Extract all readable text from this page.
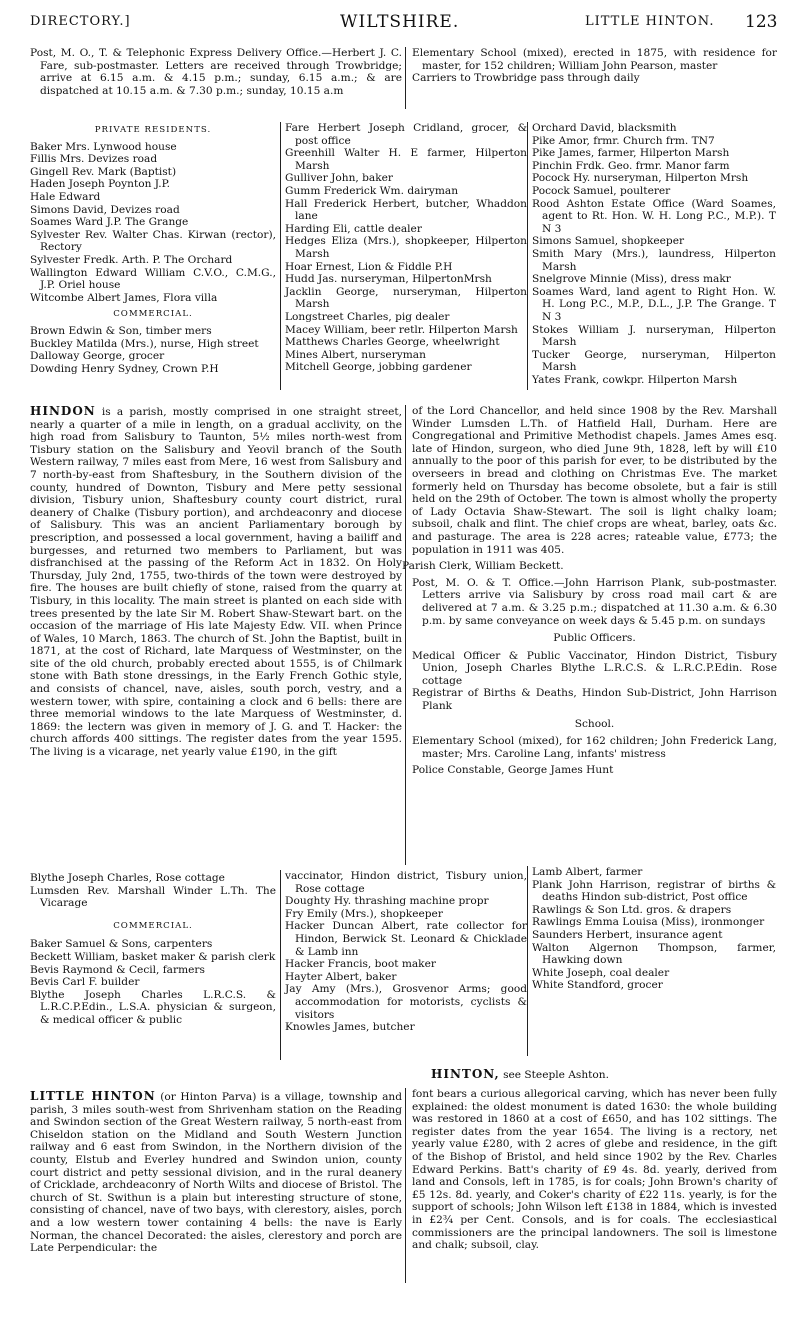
DIRECTORY.]	WILTSHIRE.	LITTLE HINTON. 123

Post, M. O., T. & Telephonic Express Delivery Office.—Herbert J. C. Fare, sub-postmaster. Letters are received through Trowbridge; arrive at 6.15 a.m. & 4.15 p.m.; sunday, 6.15 a.m.; & are dispatched at 10.15 a.m. & 7.30 p.m.; sunday, 10.15 a.m

Elementary School (mixed), erected in 1875, with residence for master, for 152 children; William John Pearson, master

Carriers to Trowbridge pass through daily

PRIVATE RESIDENTS.

Baker Mrs. Lynwood house

Fillis Mrs. Devizes road

Gingell Rev. Mark (Baptist)

Haden Joseph Poynton J.P.

Hale Edward

Simons David, Devizes road

Soames Ward J.P. The Grange

Sylvester Rev. Walter Chas. Kirwan (rector), Rectory

Sylvester Fredk. Arth. P. The Orchard

Wallington Edward William C.V.O., C.M.G., J.P. Oriel house

Witcombe Albert James, Flora villa

COMMERCIAL.

Brown Edwin & Son, timber mers

Buckley Matilda (Mrs.), nurse, High street

Dalloway George, grocer

Dowding Henry Sydney, Crown P.H

Fare Herbert Joseph Cridland, grocer, & post office

Greenhill Walter H. E farmer, Hilperton Marsh

Gulliver John, baker

Gumm Frederick Wm. dairyman

Hall Frederick Herbert, butcher, Whaddon lane

Harding Eli, cattle dealer

Hedges Eliza (Mrs.), shopkeeper, Hilperton Marsh

Hoar Ernest, Lion & Fiddle P.H

Hudd Jas. nurseryman, HilpertonMrsh

Jacklin George, nurseryman, Hilperton Marsh

Longstreet Charles, pig dealer

Macey William, beer retlr. Hilperton Marsh

Matthews Charles George, wheelwright

Mines Albert, nurseryman

Mitchell George, jobbing gardener

Orchard David, blacksmith

Pike Amor, frmr. Church frm. TN7

Pike James, farmer, Hilperton Marsh

Pinchin Frdk. Geo. frmr. Manor farm

Pocock Hy. nurseryman, Hilperton Mrsh

Pocock Samuel, poulterer

Rood Ashton Estate Office (Ward Soames, agent to Rt. Hon. W. H. Long P.C., M.P.). T N 3

Simons Samuel, shopkeeper

Smith Mary (Mrs.), laundress, Hilperton Marsh

Snelgrove Minnie (Miss), dress makr

Soames Ward, land agent to Right Hon. W. H. Long P.C., M.P., D.L., J.P. The Grange. T N 3

Stokes William J. nurseryman, Hilperton Marsh

Tucker George, nurseryman, Hilperton Marsh

Yates Frank, cowkpr. Hilperton Marsh

HINDON is a parish, mostly comprised in one straight street, nearly a quarter of a mile in length, on a gradual acclivity, on the high road from Salisbury to Taunton, 5½ miles north-west from Tisbury station on the Salisbury and Yeovil branch of the South Western railway, 7 miles east from Mere, 16 west from Salisbury and 7 north-by-east from Shaftesbury, in the Southern division of the county, hundred of Downton, Tisbury and Mere petty sessional division, Tisbury union, Shaftesbury county court district, rural deanery of Chalke (Tisbury portion), and archdeaconry and diocese of Salisbury. This was an ancient Parliamentary borough by prescription, and possessed a local government, having a bailiff and burgesses, and returned two members to Parliament, but was disfranchised at the passing of the Reform Act in 1832. On Holy Thursday, July 2nd, 1755, two-thirds of the town were destroyed by fire. The houses are built chiefly of stone, raised from the quarry at Tisbury, in this locality. The main street is planted on each side with trees presented by the late Sir M. Robert Shaw-Stewart bart. on the occasion of the marriage of His late Majesty Edw. VII. when Prince of Wales, 10 March, 1863. The church of St. John the Baptist, built in 1871, at the cost of Richard, late Marquess of Westminster, on the site of the old church, probably erected about 1555, is of Chilmark stone with Bath stone dressings, in the Early French Gothic style, and consists of chancel, nave, aisles, south porch, vestry, and a western tower, with spire, containing a clock and 6 bells: there are three memorial windows to the late Marquess of Westminster, d. 1869: the lectern was given in memory of J. G. and T. Hacker: the church affords 400 sittings. The register dates from the year 1595. The living is a vicarage, net yearly value £190, in the gift

of the Lord Chancellor, and held since 1908 by the Rev. Marshall Winder Lumsden L.Th. of Hatfield Hall, Durham. Here are Congregational and Primitive Methodist chapels. James Ames esq. late of Hindon, surgeon, who died June 9th, 1828, left by will £10 annually to the poor of this parish for ever, to be distributed by the overseers in bread and clothing on Christmas Eve. The market formerly held on Thursday has become obsolete, but a fair is still held on the 29th of October. The town is almost wholly the property of Lady Octavia Shaw-Stewart. The soil is light chalky loam; subsoil, chalk and flint. The chief crops are wheat, barley, oats &c. and pasturage. The area is 228 acres; rateable value, £773; the population in 1911 was 405.

Parish Clerk, William Beckett.

Post, M. O. & T. Office.—John Harrison Plank, sub-postmaster. Letters arrive via Salisbury by cross road mail cart & are delivered at 7 a.m. & 3.25 p.m.; dispatched at 11.30 a.m. & 6.30 p.m. by same conveyance on week days & 5.45 p.m. on sundays

Public Officers.

Medical Officer & Public Vaccinator, Hindon District, Tisbury Union, Joseph Charles Blythe L.R.C.S. & L.R.C.P.Edin. Rose cottage

Registrar of Births & Deaths, Hindon Sub-District, John Harrison Plank

School.

Elementary School (mixed), for 162 children; John Frederick Lang, master; Mrs. Caroline Lang, infants' mistress

Police Constable, George James Hunt

Blythe Joseph Charles, Rose cottage

Lumsden Rev. Marshall Winder L.Th. The Vicarage

COMMERCIAL.

Baker Samuel & Sons, carpenters

Beckett William, basket maker & parish clerk

Bevis Raymond & Cecil, farmers

Bevis Carl F. builder

Blythe Joseph Charles L.R.C.S. & L.R.C.P.Edin., L.S.A. physician & surgeon, & medical officer & public

vaccinator, Hindon district, Tisbury union, Rose cottage

Doughty Hy. thrashing machine propr

Fry Emily (Mrs.), shopkeeper

Hacker Duncan Albert, rate collector for Hindon, Berwick St. Leonard & Chicklade & Lamb inn

Hacker Francis, boot maker

Hayter Albert, baker

Jay Amy (Mrs.), Grosvenor Arms; good accommodation for motorists, cyclists & visitors

Knowles James, butcher

Lamb Albert, farmer

Plank John Harrison, registrar of births & deaths Hindon sub-district, Post office

Rawlings & Son Ltd. gros. & drapers

Rawlings Emma Louisa (Miss), ironmonger

Saunders Herbert, insurance agent

Walton Algernon Thompson, farmer, Hawking down

White Joseph, coal dealer

White Standford, grocer

HINTON, see Steeple Ashton.

LITTLE HINTON (or Hinton Parva) is a village, township and parish, 3 miles south-west from Shrivenham station on the Reading and Swindon section of the Great Western railway, 5 north-east from Chiseldon station on the Midland and South Western Junction railway and 6 east from Swindon, in the Northern division of the county, Elstub and Everley hundred and Swindon union, county court district and petty sessional division, and in the rural deanery of Cricklade, archdeaconry of North Wilts and diocese of Bristol. The church of St. Swithun is a plain but interesting structure of stone, consisting of chancel, nave of two bays, with clerestory, aisles, porch and a low western tower containing 4 bells: the nave is Early Norman, the chancel Decorated: the aisles, clerestory and porch are Late Perpendicular: the

font bears a curious allegorical carving, which has never been fully explained: the oldest monument is dated 1630: the whole building was restored in 1860 at a cost of £650, and has 102 sittings. The register dates from the year 1654. The living is a rectory, net yearly value £280, with 2 acres of glebe and residence, in the gift of the Bishop of Bristol, and held since 1902 by the Rev. Charles Edward Perkins. Batt's charity of £9 4s. 8d. yearly, derived from land and Consols, left in 1785, is for coals; John Brown's charity of £5 12s. 8d. yearly, and Coker's charity of £22 11s. yearly, is for the support of schools; John Wilson left £138 in 1884, which is invested in £2¾ per Cent. Consols, and is for coals. The ecclesiastical commissioners are the principal landowners. The soil is limestone and chalk; subsoil, clay.
